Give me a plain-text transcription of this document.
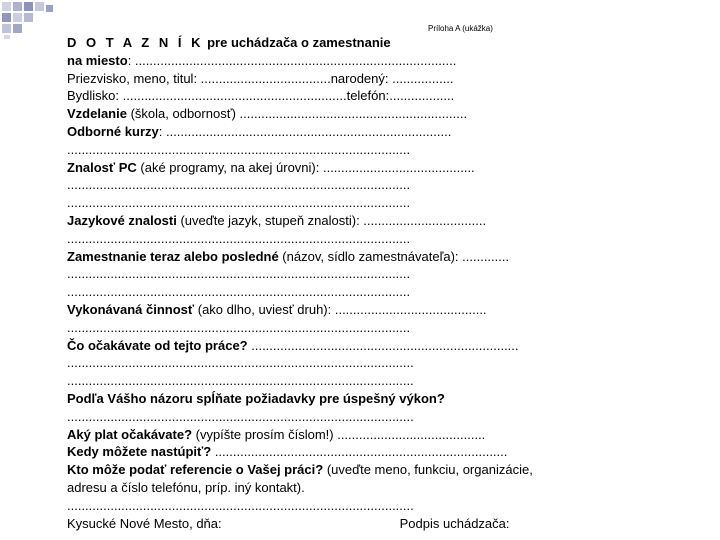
Príloha A (ukážka)
D O T A Z N Í K pre uchádzača o zamestnanie
na miesto: .........................................................................................
Priezvisko, meno, titul: ....................................narodený: .................
Bydlisko: ..............................................................telefón:..................
Vzdelanie (škola, odbornosť) ...............................................................
Odborné kurzy: ...............................................................................
...............................................................................................
Znalosť PC (aké programy, na akej úrovni): ..........................................
...............................................................................................
...............................................................................................
Jazykové znalosti (uveďte jazyk, stupeň znalosti): ..................................
...............................................................................................
Zamestnanie teraz alebo posledné (názov, sídlo zamestnávateľa): .............
...............................................................................................
...............................................................................................
Vykonávaná činnosť (ako dlho, uviesť druh): ..........................................
...............................................................................................
Čo očakávate od tejto práce? ..........................................................................
................................................................................................
................................................................................................
Podľa Vášho názoru spĺňate požiadavky pre úspešný výkon?
................................................................................................
Aký plat očakávate? (vypíšte prosím číslom!) .........................................
Kedy môžete nastúpiť? .................................................................................
Kto môže podať referencie o Vašej práci? (uveďte meno, funkciu, organizácie, adresu a číslo telefónu, príp. iný kontakt).
................................................................................................
Kysucké Nové Mesto, dňa:	Podpis uchádzača:
